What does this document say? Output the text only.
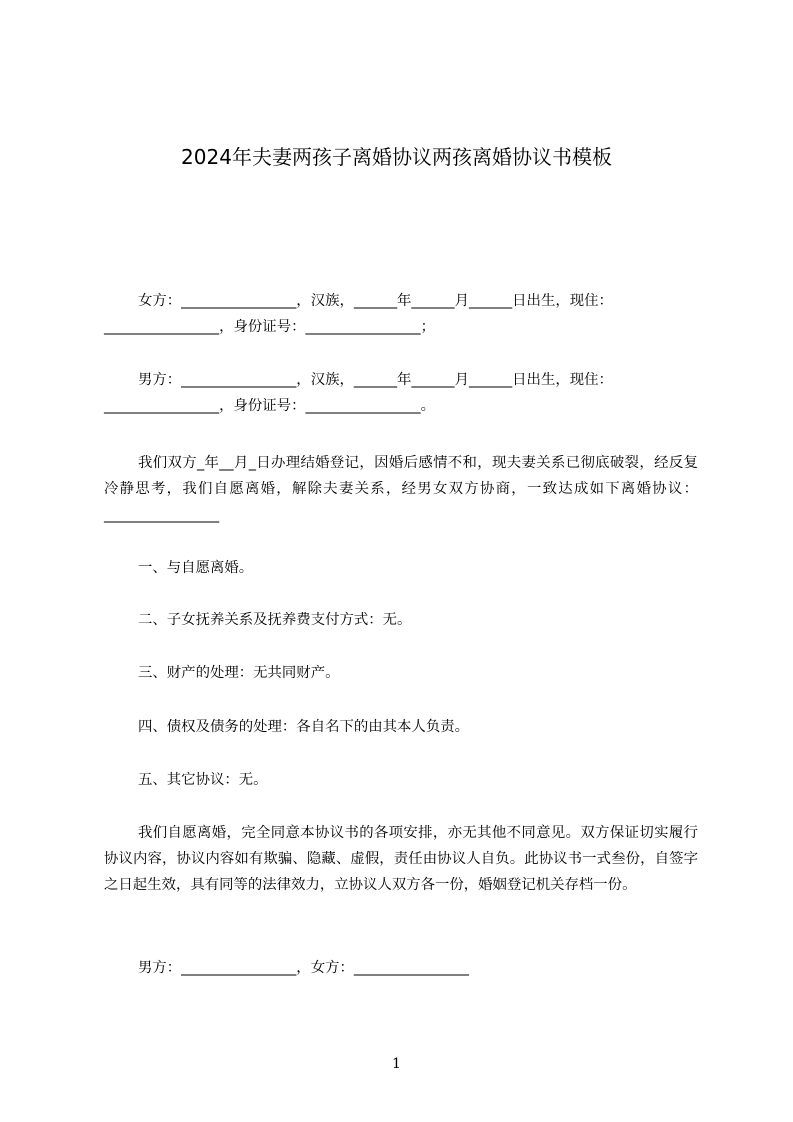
2024年夫妻两孩子离婚协议两孩离婚协议书模板
女方：________________，汉族，______年______月______日出生，现住：
________________，身份证号：________________；
男方：________________，汉族，______年______月______日出生，现住：
________________，身份证号：________________。

我们双方_年__月_日办理结婚登记，因婚后感情不和，现夫妻关系已彻底破裂，经反复冷静思考，我们自愿离婚，解除夫妻关系，经男女双方协商，一致达成如下离婚协议：________________

一、与自愿离婚。

二、子女抚养关系及抚养费支付方式：无。

三、财产的处理：无共同财产。

四、债权及债务的处理：各自名下的由其本人负责。

五、其它协议：无。

我们自愿离婚，完全同意本协议书的各项安排，亦无其他不同意见。双方保证切实履行协议内容，协议内容如有欺骗、隐藏、虚假，责任由协议人自负。此协议书一式叁份，自签字之日起生效，具有同等的法律效力，立协议人双方各一份，婚姻登记机关存档一份。

男方：________________，女方：________________

1
